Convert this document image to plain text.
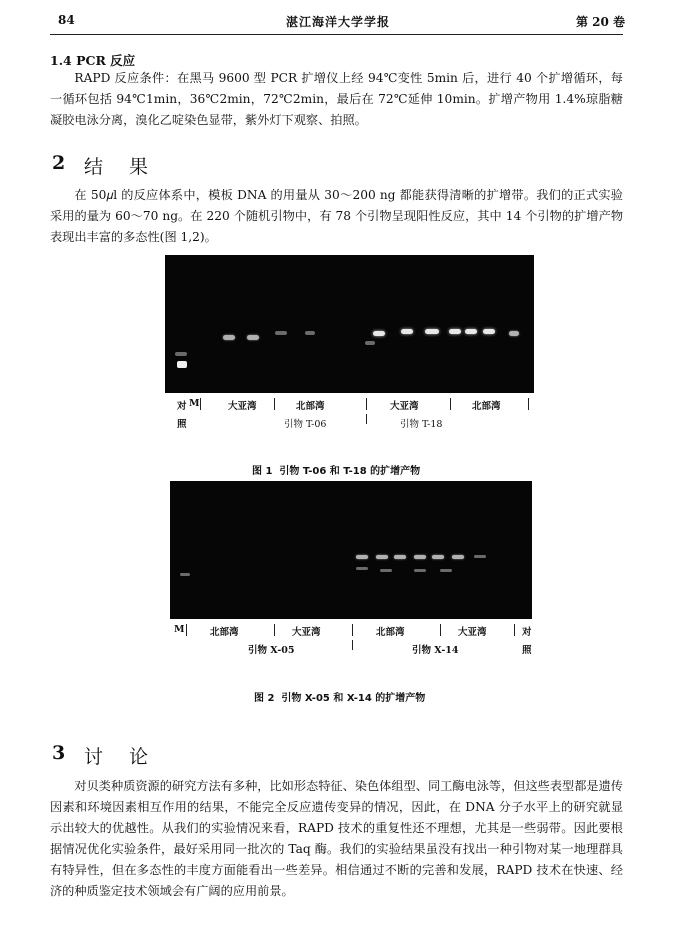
84	湛江海洋大学学报	第 20 卷
1.4 PCR 反应

RAPD 反应条件：在黑马 9600 型 PCR 扩增仪上经 94℃变性 5min 后，进行 40 个扩增循环，每一循环包括 94℃1min，36℃2min，72℃2min，最后在 72℃延伸 10min。扩增产物用 1.4%琼脂糖凝胶电泳分离，溴化乙啶染色显带，紫外灯下观察、拍照。

2 结 果

在 50𝜇l 的反应体系中，模板 DNA 的用量从 30～200 ng 都能获得清晰的扩增带。我们的正式实验采用的量为 60～70 ng。在 220 个随机引物中，有 78 个引物呈现阳性反应，其中 14 个引物的扩增产物表现出丰富的多态性(图 1,2)。

对 M
照
大亚湾	北部湾	大亚湾	北部湾
引物 T-06	引物 T-18
图 1 引物 T-06 和 T-18 的扩增产物
M	北部湾	大亚湾	北部湾	大亚湾	对
照
引物 X-05	引物 X-14
图 2 引物 X-05 和 X-14 的扩增产物
3 讨 论

对贝类种质资源的研究方法有多种，比如形态特征、染色体组型、同工酶电泳等，但这些表型都是遗传因素和环境因素相互作用的结果，不能完全反应遗传变异的情况，因此，在 DNA 分子水平上的研究就显示出较大的优越性。从我们的实验情况来看，RAPD 技术的重复性还不理想，尤其是一些弱带。因此要根据情况优化实验条件，最好采用同一批次的 Taq 酶。我们的实验结果虽没有找出一种引物对某一地理群具有特异性，但在多态性的丰度方面能看出一些差异。相信通过不断的完善和发展，RAPD 技术在快速、经济的种质鉴定技术领域会有广阔的应用前景。
